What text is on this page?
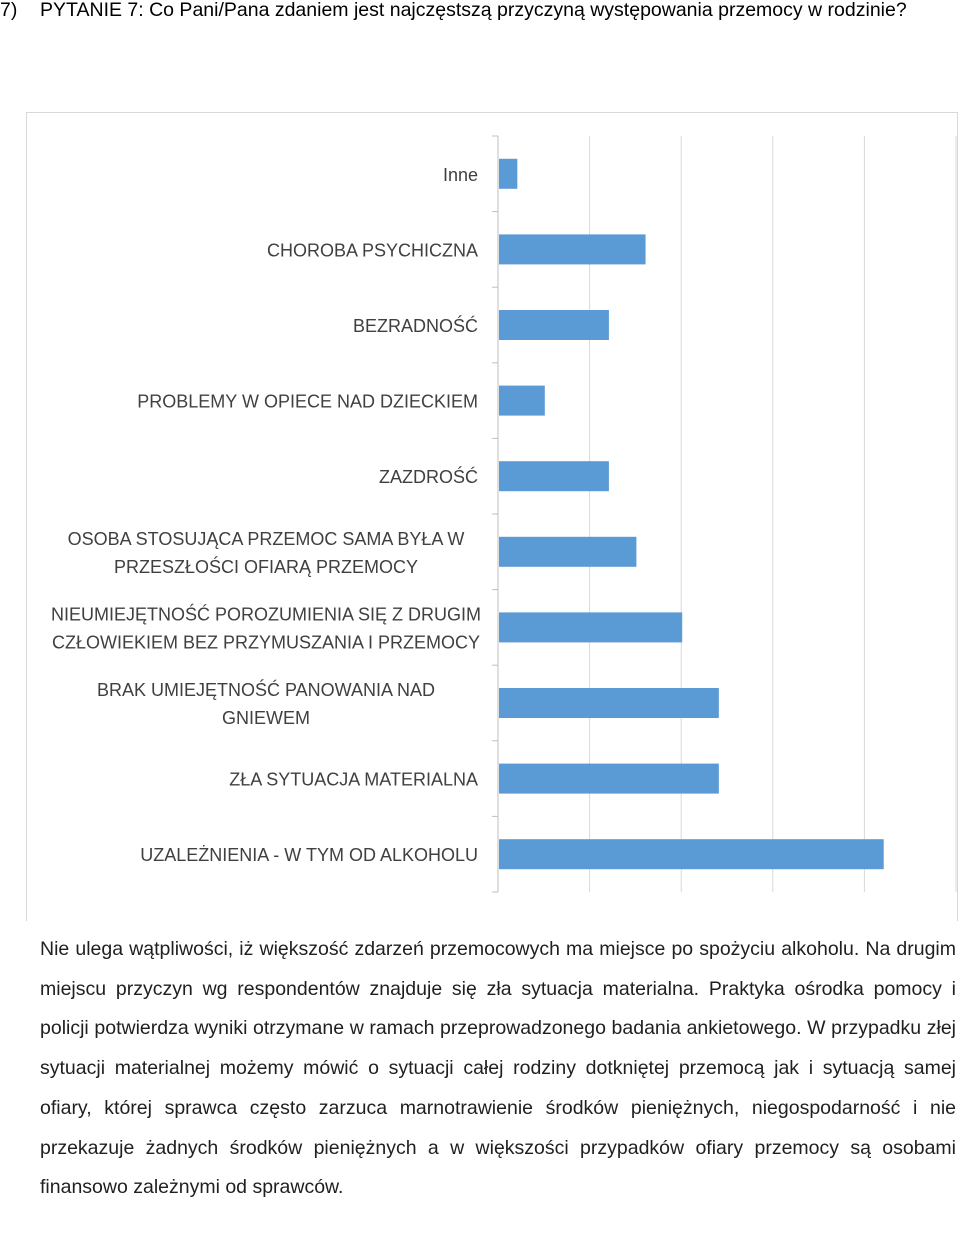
7) PYTANIE 7: Co Pani/Pana zdaniem jest najczęstszą przyczyną występowania przemocy w rodzinie?
Inne
CHOROBA PSYCHICZNA
BEZRADNOŚĆ
PROBLEMY W OPIECE NAD DZIECKIEM
ZAZDROŚĆ
OSOBA STOSUJĄCA PRZEMOC SAMA BYŁA W
PRZESZŁOŚCI OFIARĄ PRZEMOCY
NIEUMIEJĘTNOŚĆ POROZUMIENIA SIĘ Z DRUGIM
CZŁOWIEKIEM BEZ PRZYMUSZANIA I PRZEMOCY
BRAK UMIEJĘTNOŚĆ PANOWANIA NAD
GNIEWEM
ZŁA SYTUACJA MATERIALNA
UZALEŻNIENIA - W TYM OD ALKOHOLU
Nie ulega wątpliwości, iż większość zdarzeń przemocowych ma miejsce po spożyciu alkoholu. Na drugim miejscu przyczyn wg respondentów znajduje się zła sytuacja materialna. Praktyka ośrodka pomocy i policji potwierdza wyniki otrzymane w ramach przeprowadzonego badania ankietowego. W przypadku złej sytuacji materialnej możemy mówić o sytuacji całej rodziny dotkniętej przemocą jak i sytuacją samej ofiary, której sprawca często zarzuca marnotrawienie środków pieniężnych, niegospodarność i nie przekazuje żadnych środków pieniężnych a w większości przypadków ofiary przemocy są osobami finansowo zależnymi od sprawców.
